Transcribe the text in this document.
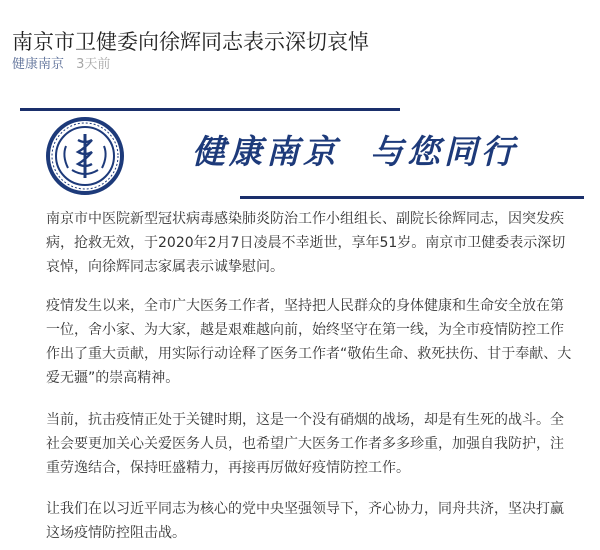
南京市卫健委向徐辉同志表示深切哀悼
健康南京 3天前
健康南京 与您同行

南京市中医院新型冠状病毒感染肺炎防治工作小组组长、副院长徐辉同志，因突发疾病，抢救无效，于2020年2月7日凌晨不幸逝世，享年51岁。南京市卫健委表示深切哀悼，向徐辉同志家属表示诚挚慰问。

疫情发生以来，全市广大医务工作者，坚持把人民群众的身体健康和生命安全放在第一位，舍小家、为大家，越是艰难越向前，始终坚守在第一线，为全市疫情防控工作作出了重大贡献，用实际行动诠释了医务工作者“敬佑生命、救死扶伤、甘于奉献、大爱无疆”的崇高精神。

当前，抗击疫情正处于关键时期，这是一个没有硝烟的战场，却是有生死的战斗。全社会要更加关心关爱医务人员，也希望广大医务工作者多多珍重，加强自我防护，注重劳逸结合，保持旺盛精力，再接再厉做好疫情防控工作。

让我们在以习近平同志为核心的党中央坚强领导下，齐心协力，同舟共济，坚决打赢这场疫情防控阻击战。
